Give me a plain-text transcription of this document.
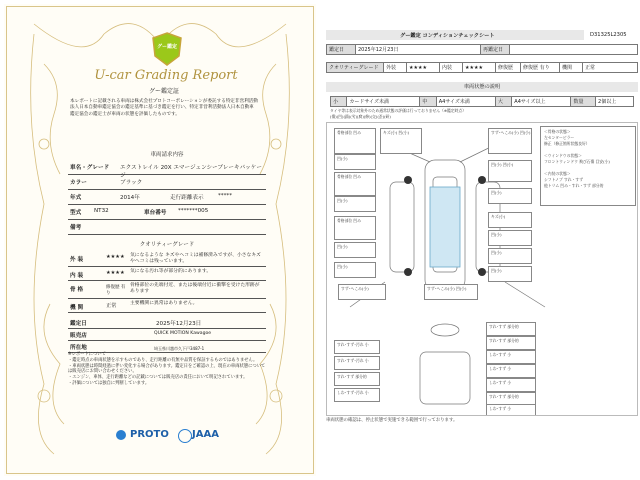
グー鑑定
U-car Grading Report
グー鑑定証
本レポートに記載される車両は株式会社プロトコーポレーションが委託する特定非営利活動法人日本自動車鑑定協会の鑑定基準に基づき鑑定を行い、特定非営利活動法人日本自動車鑑定協会の鑑定士が車両の状態を評価したものです。
車両請求内容
車名・グレード エクストレイル 20X エマージェンシーブレーキパッケージ
カラー	ブラック
年式	2014年	走行距離表示	*****
型式 NT32	車台番号 *******005
備考
クオリティーグレード
外 装	★★★★ 気になるような キズやヘコミは補修済みですが、小さなキズやヘコミは残っています。
内 装	★★★★ 気になる汚れ等が部分的にあります。
骨 格	修復歴 有り
骨格部位の先端付近、または後端付近に衝撃を受けた形跡があります
機 関	正常	主要機関に異常はありません。
鑑定日	2025年12月23日
販売店	QUICK MOTION Kawagoe
所在地	埼玉県川越市久下戸3487-1
※レポートについて
・鑑定時点の車両状態を示すものであり、走行距離の有無や品質を保証するものではありません。
・車両状態は時間経過に伴い変化する場合があります。鑑定日をご確認の上、現在の車両状態については販売店にお問い合わせください。
・エンジン、車体、走行距離などの記載については販売店の責任において明記されています。
・評価については独自に判断しています。
PROTO JAAA
D31325L2305
グー鑑定 コンディションチェックシート
鑑定日	2025年12月23日	再鑑定日	
クオリティーグレード	外装	★★★★	内装	★★★★	修復歴	修復歴 有り	機関	正常
車両状態の説明
小	カードサイズ未満	中	A4サイズ未満	大	A4サイズ以上	数量	2個以上
タイヤ等は表示対象外のため通常状態の評価は行っておりません（※鑑定時点）
(傷)(凹)(錆)(劣)(腐)(修)(交)(歪)(研)
骨格部位 凹み	キズ(小) 凹(小)	すず･へこみ(小) 凹(小)
骨格部位 凹み
凹(小) 凹(小)
凹(小)
凹(小)
凹(小)
骨格部位 凹み
キズ(小)
凹(小)
凹(小)
凹(小)
凹(小)
凹(小)
すず･へこみ(小)	すず･へこみ(小) 凹(小)
＜骨格の状態＞
左センターピラー
修正（修正箇所状態良好）
＜ウインドウの状態＞
フロントウィンドウ 飛び石傷 目安(小)
＜内装の状態＞
シフトノブ すれ・すず
他トリム 凹み・すれ・すず 部分的
すれ･すず 部分的
すれ･すず 部分的
すれ･すず･汚れ 小
しわ･すず 小
すれ･すず･汚れ 小
しわ･すず 小
すれ･すず 部分的
しわ･すず 小
しわ･すず･汚れ 小
すれ･すず 部分的
しわ･すず 小
車両状態の確認は、停止状態で実施できる範囲で行っております。
